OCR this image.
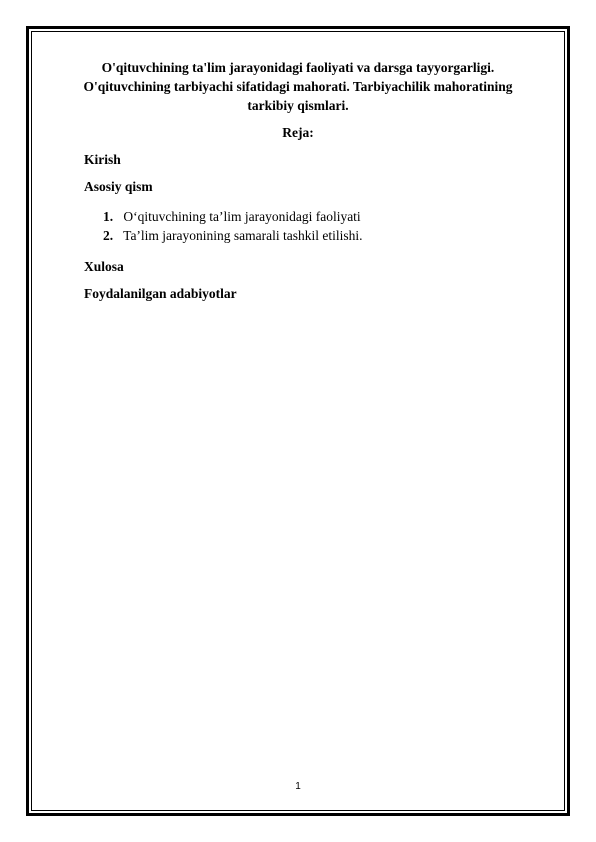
O'qituvchining ta'lim jarayonidagi faoliyati va darsga tayyorgarligi.
O'qituvchining tarbiyachi sifatidagi mahorati. Tarbiyachilik mahoratining
tarkibiy qismlari.
Reja:
Kirish
Asosiy qism
1. O‘qituvchining ta’lim jarayonidagi faoliyati
2. Ta’lim jarayonining samarali tashkil etilishi.
Xulosa
Foydalanilgan adabiyotlar
1
